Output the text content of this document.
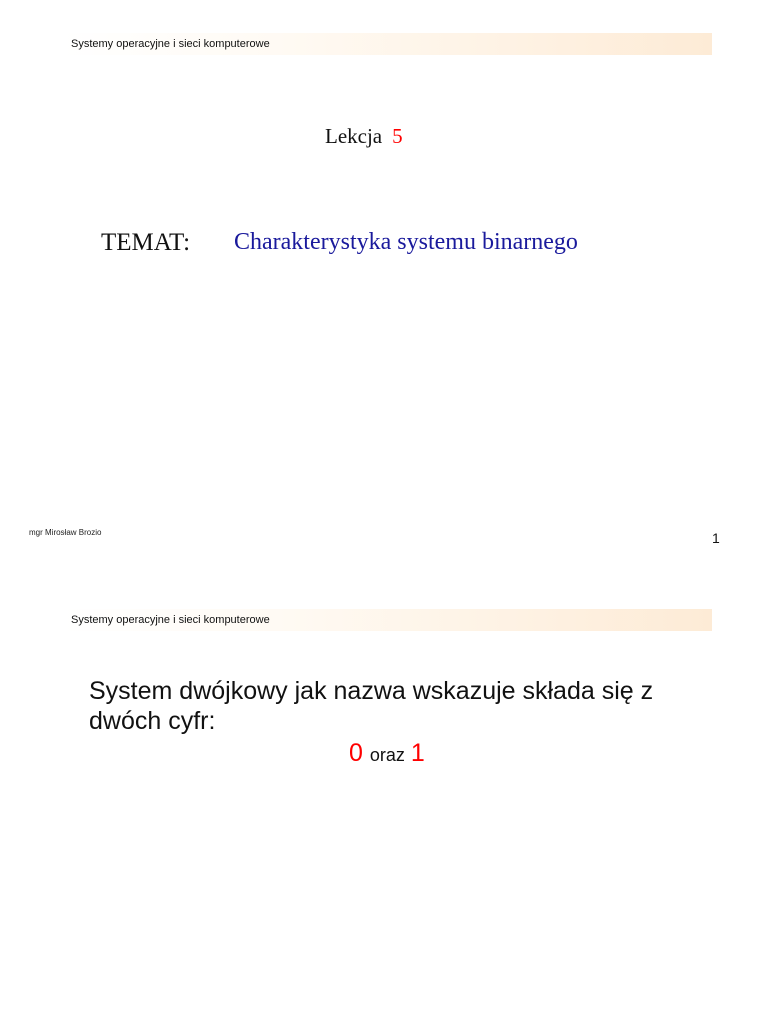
Systemy operacyjne i sieci komputerowe
Lekcja 5
TEMAT: Charakterystyka systemu binarnego
mgr Mirosław Brozio	1
Systemy operacyjne i sieci komputerowe
System dwójkowy jak nazwa wskazuje składa się z dwóch cyfr:
0 oraz 1
